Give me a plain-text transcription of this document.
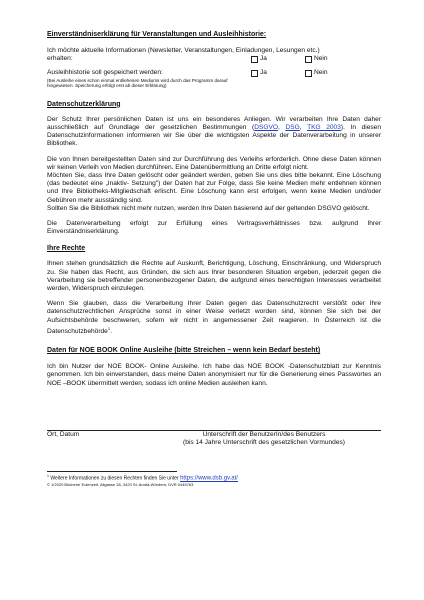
Einverständniserklärung für Veranstaltungen und Ausleihhistorie:
Ich möchte aktuelle Informationen (Newsletter, Veranstaltungen, Einladungen, Lesungen etc.)
erhalten:	Ja	Nein
Ausleihhistorie soll gespeichert werden:	Ja	Nein
(Bei Ausleihe eines schon einmal entliehenen Mediums wird durch das Programm darauf hingewiesen. Speicherung erfolgt erst ab dieser Erklärung)
Datenschutzerklärung
Der Schutz Ihrer persönlichen Daten ist uns ein besonderes Anliegen. Wir verarbeiten Ihre Daten daher ausschließlich auf Grundlage der gesetzlichen Bestimmungen (DSGVO, DSG, TKG 2003). In diesen Datenschutzinformationen informieren wir Sie über die wichtigsten Aspekte der Datenverarbeitung in unserer Bibliothek.
Die von Ihnen bereitgestellten Daten sind zur Durchführung des Verleihs erforderlich. Ohne diese Daten können wir keinen Verleih von Medien durchführen. Eine Datenübermittlung an Dritte erfolgt nicht.
Möchten Sie, dass Ihre Daten gelöscht oder geändert werden, geben Sie uns dies bitte bekannt. Eine Löschung (das bedeutet eine „Inaktiv- Setzung") der Daten hat zur Folge, dass Sie keine Medien mehr entlehnen können und Ihre Bibliotheks-Mitgliedschaft erlischt. Eine Löschung kann erst erfolgen, wenn keine Medien und/oder Gebühren mehr ausständig sind.
Sollten Sie die Bibliothek nicht mehr nutzen, werden Ihre Daten basierend auf der geltenden DSGVO gelöscht.
Die Datenverarbeitung erfolgt zur Erfüllung eines Vertragsverhältnisses bzw. aufgrund Ihrer Einverständniserklärung.
Ihre Rechte
Ihnen stehen grundsätzlich die Rechte auf Auskunft, Berichtigung, Löschung, Einschränkung, und Widerspruch zu. Sie haben das Recht, aus Gründen, die sich aus Ihrer besonderen Situation ergeben, jederzeit gegen die Verarbeitung sie betreffender personenbezogener Daten, die aufgrund eines berechtigten Interesses verarbeitet werden, Widerspruch einzulegen.
Wenn Sie glauben, dass die Verarbeitung Ihrer Daten gegen das Datenschutzrecht verstößt oder Ihre datenschutzrechtlichen Ansprüche sonst in einer Weise verletzt worden sind, können Sie sich bei der Aufsichtsbehörde beschweren, sofern wir nicht in angemessener Zeit reagieren. In Österreich ist die Datenschutzbehörde$^1$.
Daten für NOE BOOK Online Ausleihe (bitte Streichen – wenn kein Bedarf besteht)
Ich bin Nutzer der NOE BOOK- Online Ausleihe. Ich habe das NOE BOOK -Datenschutzblatt zur Kenntnis genommen. Ich bin einverstanden, dass meine Daten anonymisiert nur für die Generierung eines Passwortes an NOE –BOOK übermittelt werden, sodass ich online Medien ausleihen kann.
Ort, Datum	Unterschrift der BenutzerIn/des Benutzers
(bis 14 Jahre Unterschrift des gesetzlichen Vormundes)
$^1$ Weitere Informationen zu diesen Rechten finden Sie unter https://www.dsb.gv.at/
© 1/2020 Büchereí Eulenzeit, Allgasse 28, 3423 St. Andrä-Wördern; DVR 0445763
